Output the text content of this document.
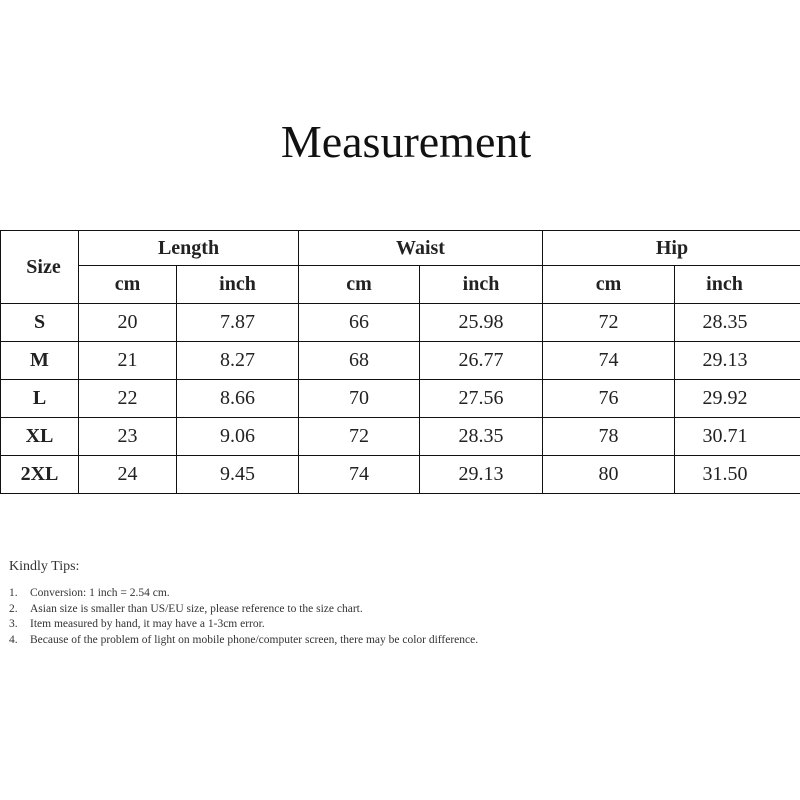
Measurement
Size	Length		Waist		Hip	
	cm	inch	cm	inch	cm	inch
S	20	7.87	66	25.98	72	28.35
M	21	8.27	68	26.77	74	29.13
L	22	8.66	70	27.56	76	29.92
XL	23	9.06	72	28.35	78	30.71
2XL	24	9.45	74	29.13	80	31.50
Kindly Tips:
1.	Conversion: 1 inch = 2.54 cm.
2.	Asian size is smaller than US/EU size, please reference to the size chart.
3.	Item measured by hand, it may have a 1-3cm error.
4.	Because of the problem of light on mobile phone/computer screen, there may be color difference.
